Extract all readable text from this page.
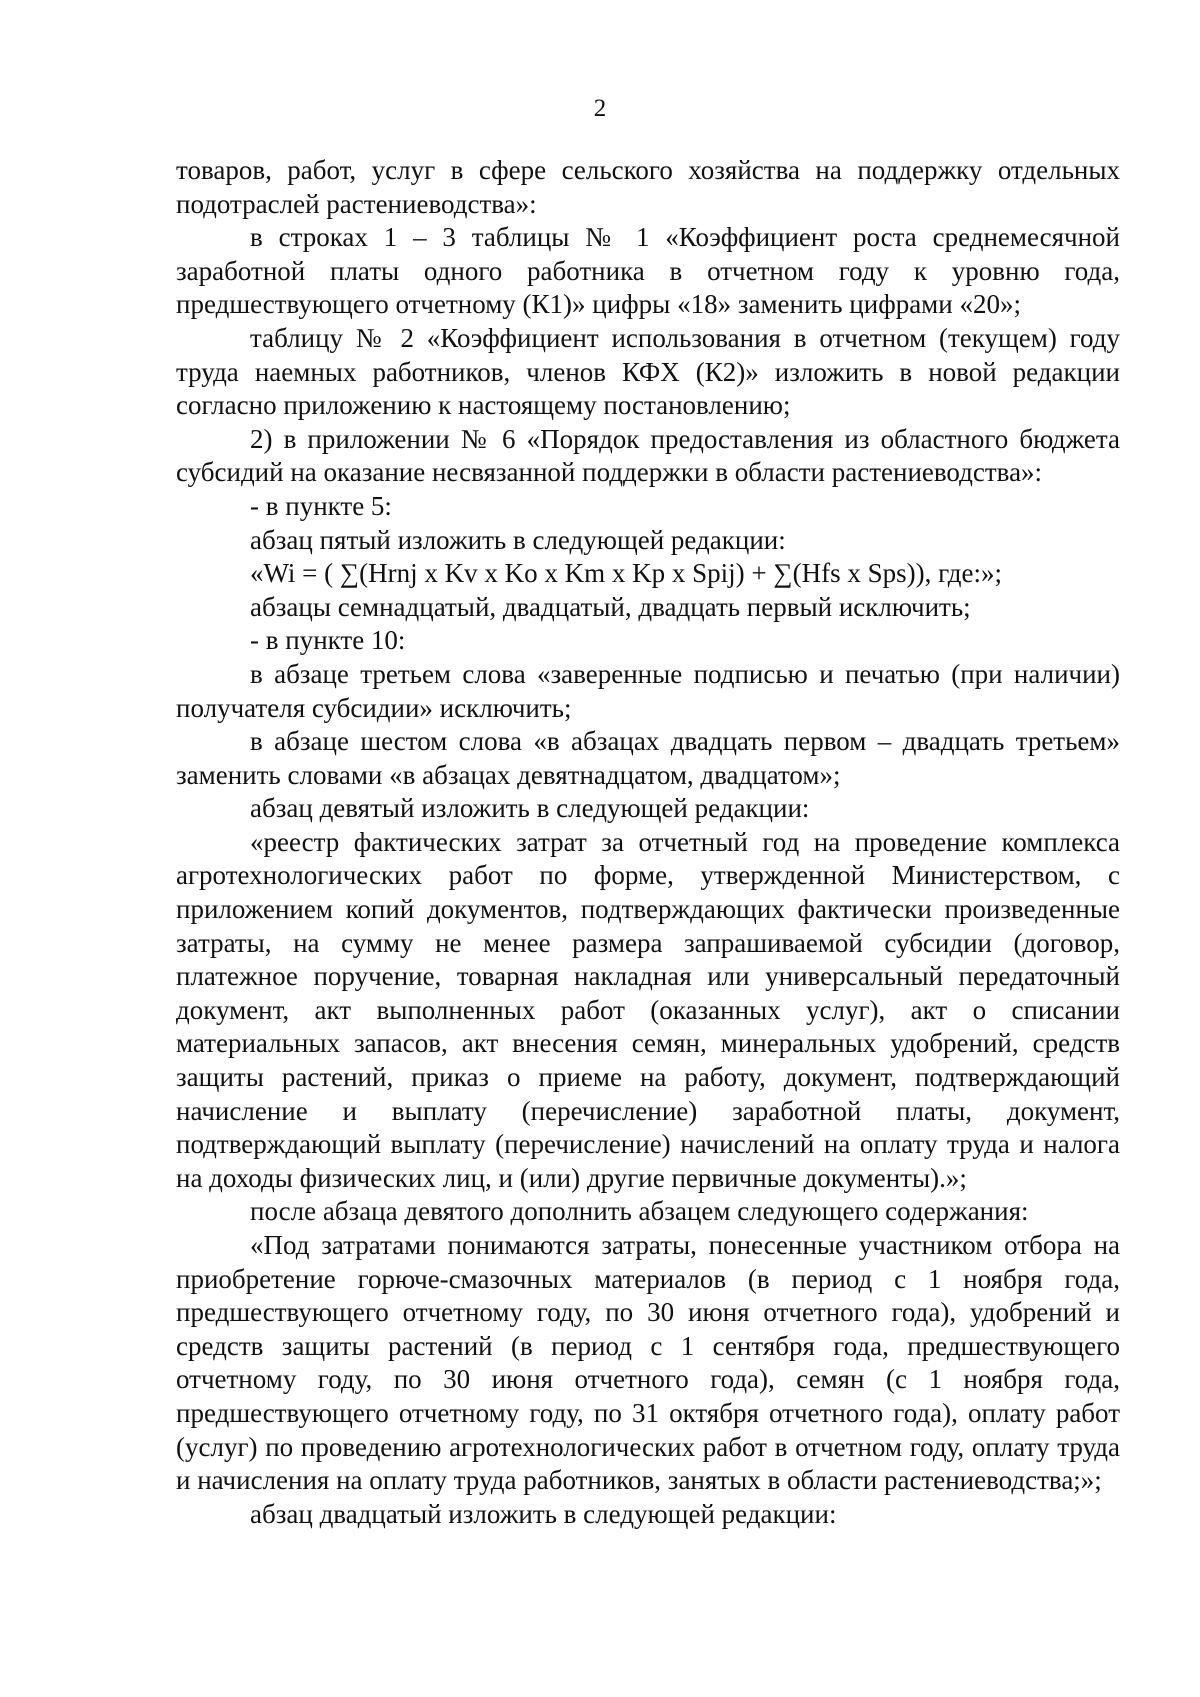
2

товаров, работ, услуг в сфере сельского хозяйства на поддержку отдельных подотраслей растениеводства»:

в строках 1 – 3 таблицы № 1 «Коэффициент роста среднемесячной заработной платы одного работника в отчетном году к уровню года, предшествующего отчетному (К1)» цифры «18» заменить цифрами «20»;

таблицу № 2 «Коэффициент использования в отчетном (текущем) году труда наемных работников, членов КФХ (К2)» изложить в новой редакции согласно приложению к настоящему постановлению;

2) в приложении № 6 «Порядок предоставления из областного бюджета субсидий на оказание несвязанной поддержки в области растениеводства»:

- в пункте 5:

абзац пятый изложить в следующей редакции:

«Wi = ( ∑(Hrnj x Kv x Ko x Km x Kp x Spij) + ∑(Hfs x Sps)), где:»;

абзацы семнадцатый, двадцатый, двадцать первый исключить;

- в пункте 10:

в абзаце третьем слова «заверенные подписью и печатью (при наличии) получателя субсидии» исключить;

в абзаце шестом слова «в абзацах двадцать первом – двадцать третьем» заменить словами «в абзацах девятнадцатом, двадцатом»;

абзац девятый изложить в следующей редакции:

«реестр фактических затрат за отчетный год на проведение комплекса агротехнологических работ по форме, утвержденной Министерством, с приложением копий документов, подтверждающих фактически произведенные затраты, на сумму не менее размера запрашиваемой субсидии (договор, платежное поручение, товарная накладная или универсальный передаточный документ, акт выполненных работ (оказанных услуг), акт о списании материальных запасов, акт внесения семян, минеральных удобрений, средств защиты растений, приказ о приеме на работу, документ, подтверждающий начисление и выплату (перечисление) заработной платы, документ, подтверждающий выплату (перечисление) начислений на оплату труда и налога на доходы физических лиц, и (или) другие первичные документы).»;

после абзаца девятого дополнить абзацем следующего содержания:

«Под затратами понимаются затраты, понесенные участником отбора на приобретение горюче-смазочных материалов (в период с 1 ноября года, предшествующего отчетному году, по 30 июня отчетного года), удобрений и средств защиты растений (в период с 1 сентября года, предшествующего отчетному году, по 30 июня отчетного года), семян (с 1 ноября года, предшествующего отчетному году, по 31 октября отчетного года), оплату работ (услуг) по проведению агротехнологических работ в отчетном году, оплату труда и начисления на оплату труда работников, занятых в области растениеводства;»;

абзац двадцатый изложить в следующей редакции:
